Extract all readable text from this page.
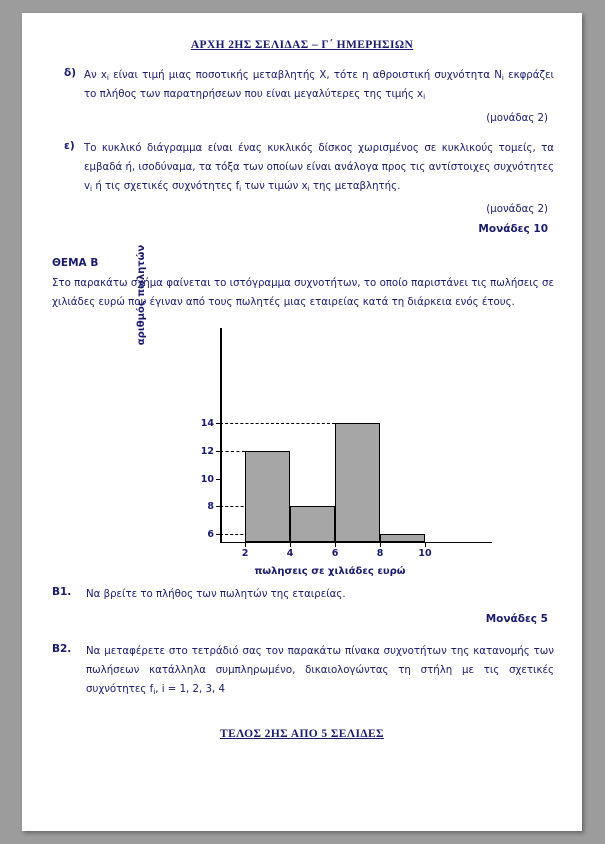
ΑΡΧΗ 2ΗΣ ΣΕΛΙΔΑΣ – Γ΄ ΗΜΕΡΗΣΙΩΝ
δ) Αν $x_i$ είναι τιμή μιας ποσοτικής μεταβλητής X, τότε η αθροιστική συχνότητα $N_i$ εκφράζει το πλήθος των παρατηρήσεων που είναι μεγαλύτερες της τιμής $x_i$
(μονάδας 2)
ε) Το κυκλικό διάγραμμα είναι ένας κυκλικός δίσκος χωρισμένος σε κυκλικούς τομείς, τα εμβαδά ή, ισοδύναμα, τα τόξα των οποίων είναι ανάλογα προς τις αντίστοιχες συχνότητες $v_i$ ή τις σχετικές συχνότητες $f_i$ των τιμών $x_i$ της μεταβλητής.
(μονάδας 2)
Μονάδες 10
ΘΕΜΑ Β
Στο παρακάτω σχήμα φαίνεται το ιστόγραμμα συχνοτήτων, το οποίο παριστάνει τις πωλήσεις σε χιλιάδες ευρώ που έγιναν από τους πωλητές μιας εταιρείας κατά τη διάρκεια ενός έτους.
αριθμός πωλητών
πωλησεις σε χιλιάδες ευρώ
6
8
10
12
14
2	4	6	8	10
Β1.	Να βρείτε το πλήθος των πωλητών της εταιρείας.
Μονάδες 5
Β2.	Να μεταφέρετε στο τετράδιό σας τον παρακάτω πίνακα συχνοτήτων της κατανομής των πωλήσεων κατάλληλα συμπληρωμένο, δικαιολογώντας τη στήλη με τις σχετικές συχνότητες $f_i$, i = 1, 2, 3, 4
ΤΕΛΟΣ 2ΗΣ ΑΠΟ 5 ΣΕΛΙΔΕΣ
